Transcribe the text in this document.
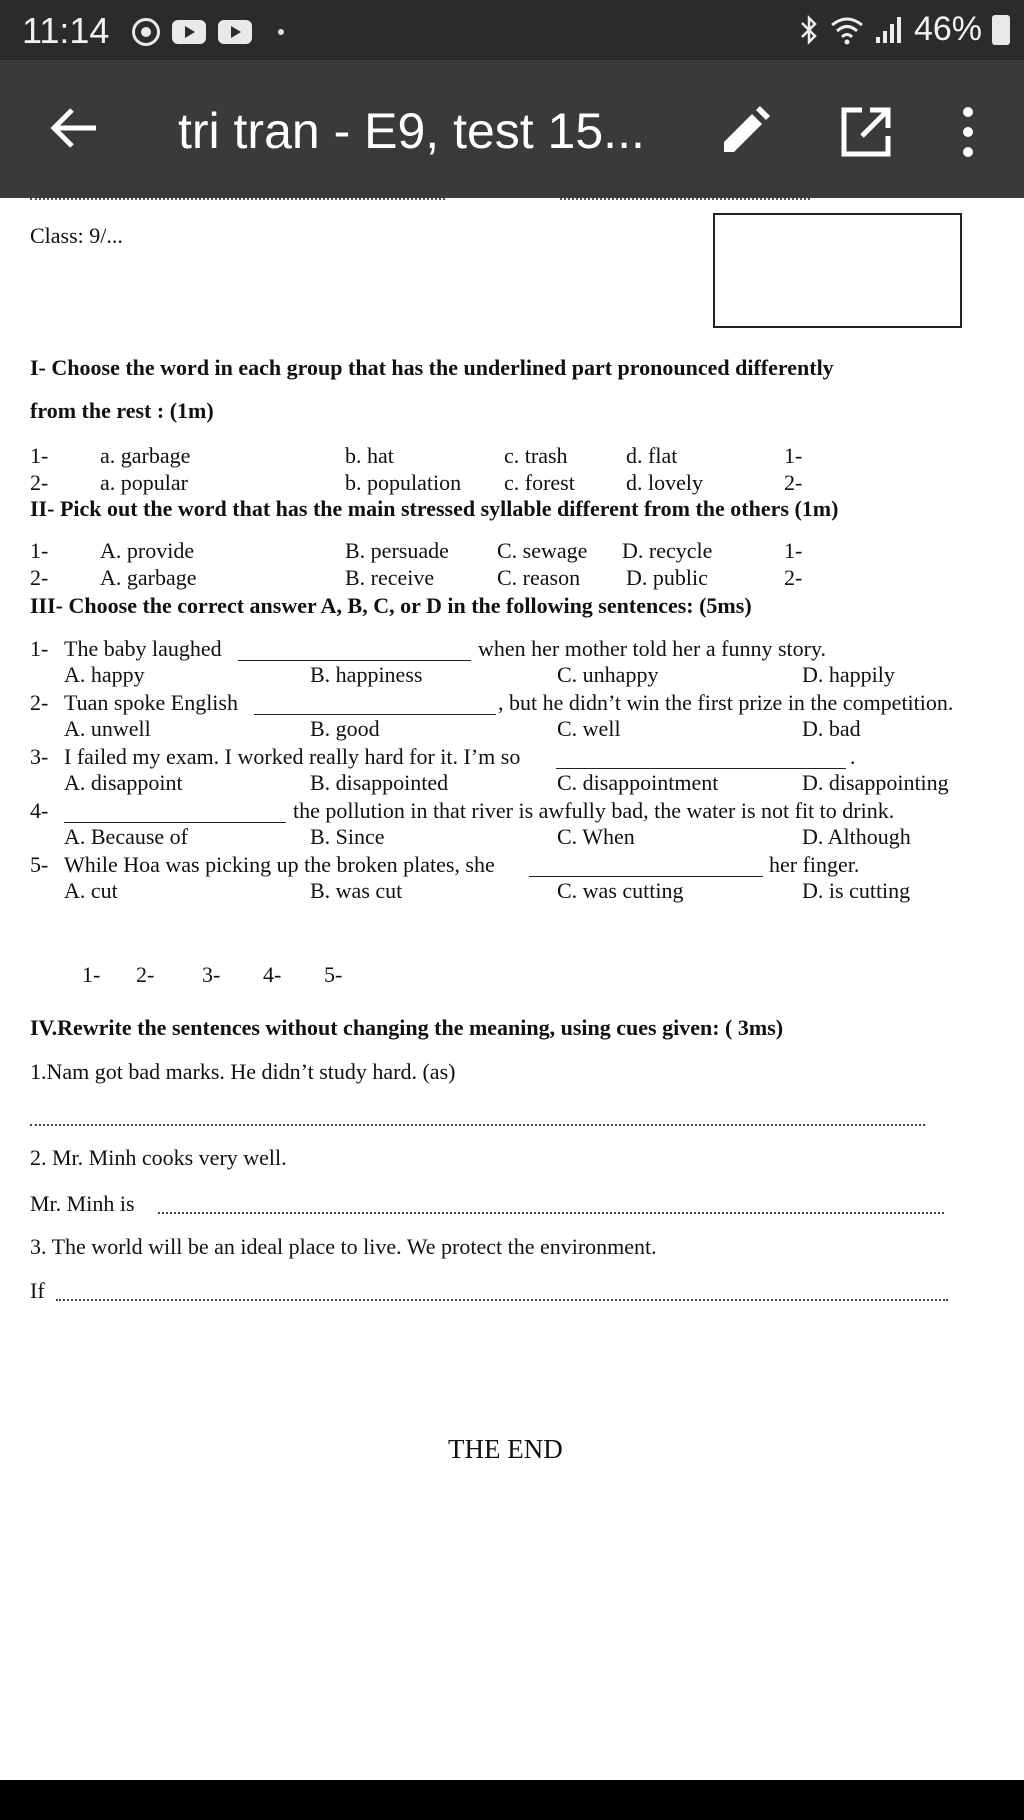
11:14	46%
tri tran - E9, test 15...
Class: 9/...
I- Choose the word in each group that has the underlined part pronounced differently
from the rest : (1m)
1- a. garbage	b. hat	c. trash	d. flat	1-
2- a. popular	b. population c. forest d. lovely	2-
II- Pick out the word that has the main stressed syllable different from the others (1m)
1- A. provide	B. persuade C. sewage D. recycle	1-
2- A. garbage	B. receive	C. reason D. public	2-
III- Choose the correct answer A, B, C, or D in the following sentences: (5ms)
1- The baby laughed	when her mother told her a funny story.
A. happy	B. happiness	C. unhappy	D. happily
2- Tuan spoke English	, but he didn’t win the first prize in the competition.
A. unwell	B. good	C. well	D. bad
3- I failed my exam. I worked really hard for it. I’m so	.
A. disappoint	B. disappointed	C. disappointment	D. disappointing
4-	the pollution in that river is awfully bad, the water is not fit to drink.
A. Because of	B. Since	C. When	D. Although
5- While Hoa was picking up the broken plates, she	her finger.
A. cut	B. was cut	C. was cutting	D. is cutting
1- 2- 3- 4- 5-
IV.Rewrite the sentences without changing the meaning, using cues given: ( 3ms)
1.Nam got bad marks. He didn’t study hard. (as)
2. Mr. Minh cooks very well.
Mr. Minh is
3. The world will be an ideal place to live. We protect the environment.
If
THE END
